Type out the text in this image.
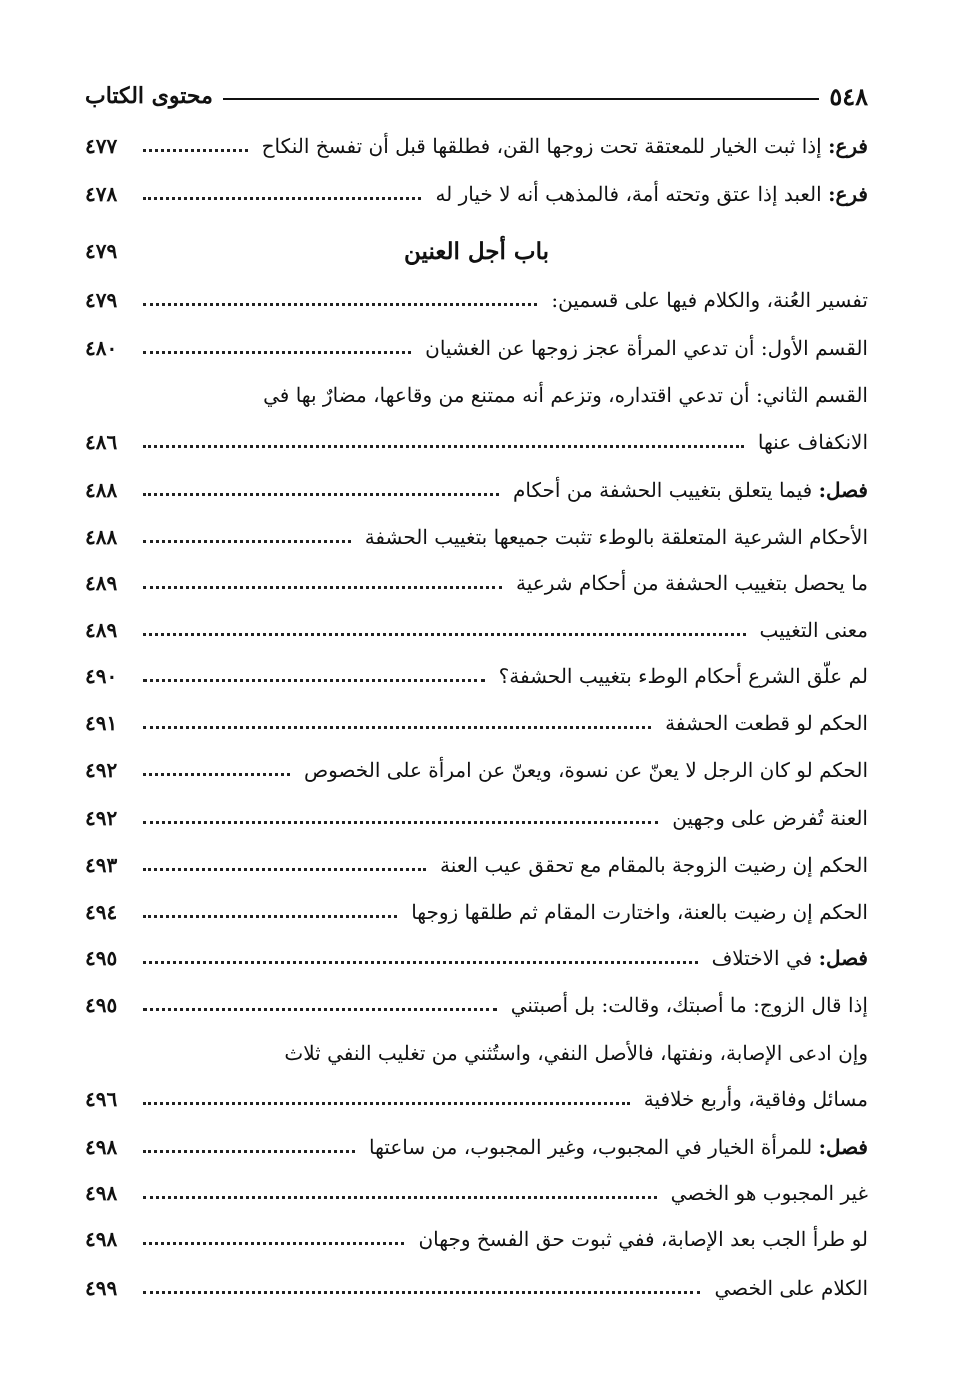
٥٤٨
محتوى الكتاب
فرع: إذا ثبت الخيار للمعتقة تحت زوجها القن، فطلقها قبل أن تفسخ النكاح
٤٧٧
فرع: العبد إذا عتق وتحته أمة، فالمذهب أنه لا خيار له
٤٧٨
باب أجل العنين
٤٧٩
تفسير العُنة، والكلام فيها على قسمين:
٤٧٩
القسم الأول: أن تدعي المرأة عجز زوجها عن الغشيان
٤٨٠
القسم الثاني: أن تدعي اقتداره، وتزعم أنه ممتنع من وقاعها، مضارٌ بها في
الانكفاف عنها
٤٨٦
فصل: فيما يتعلق بتغييب الحشفة من أحكام
٤٨٨
الأحكام الشرعية المتعلقة بالوطء تثبت جميعها بتغييب الحشفة
٤٨٨
ما يحصل بتغييب الحشفة من أحكام شرعية
٤٨٩
معنى التغييب
٤٨٩
لم علّق الشرع أحكام الوطء بتغييب الحشفة؟
٤٩٠
الحكم لو قطعت الحشفة
٤٩١
الحكم لو كان الرجل لا يعنّ عن نسوة، ويعنّ عن امرأة على الخصوص
٤٩٢
العنة تُفرض على وجهين
٤٩٢
الحكم إن رضيت الزوجة بالمقام مع تحقق عيب العنة
٤٩٣
الحكم إن رضيت بالعنة، واختارت المقام ثم طلقها زوجها
٤٩٤
فصل: في الاختلاف
٤٩٥
إذا قال الزوج: ما أصبتك، وقالت: بل أصبتني
٤٩٥
وإن ادعى الإصابة، ونفتها، فالأصل النفي، واستُثني من تغليب النفي ثلاث
مسائل وفاقية، وأربع خلافية
٤٩٦
فصل: للمرأة الخيار في المجبوب، وغير المجبوب، من ساعتها
٤٩٨
غير المجبوب هو الخصي
٤٩٨
لو طرأ الجب بعد الإصابة، ففي ثبوت حق الفسخ وجهان
٤٩٨
الكلام على الخصي
٤٩٩
